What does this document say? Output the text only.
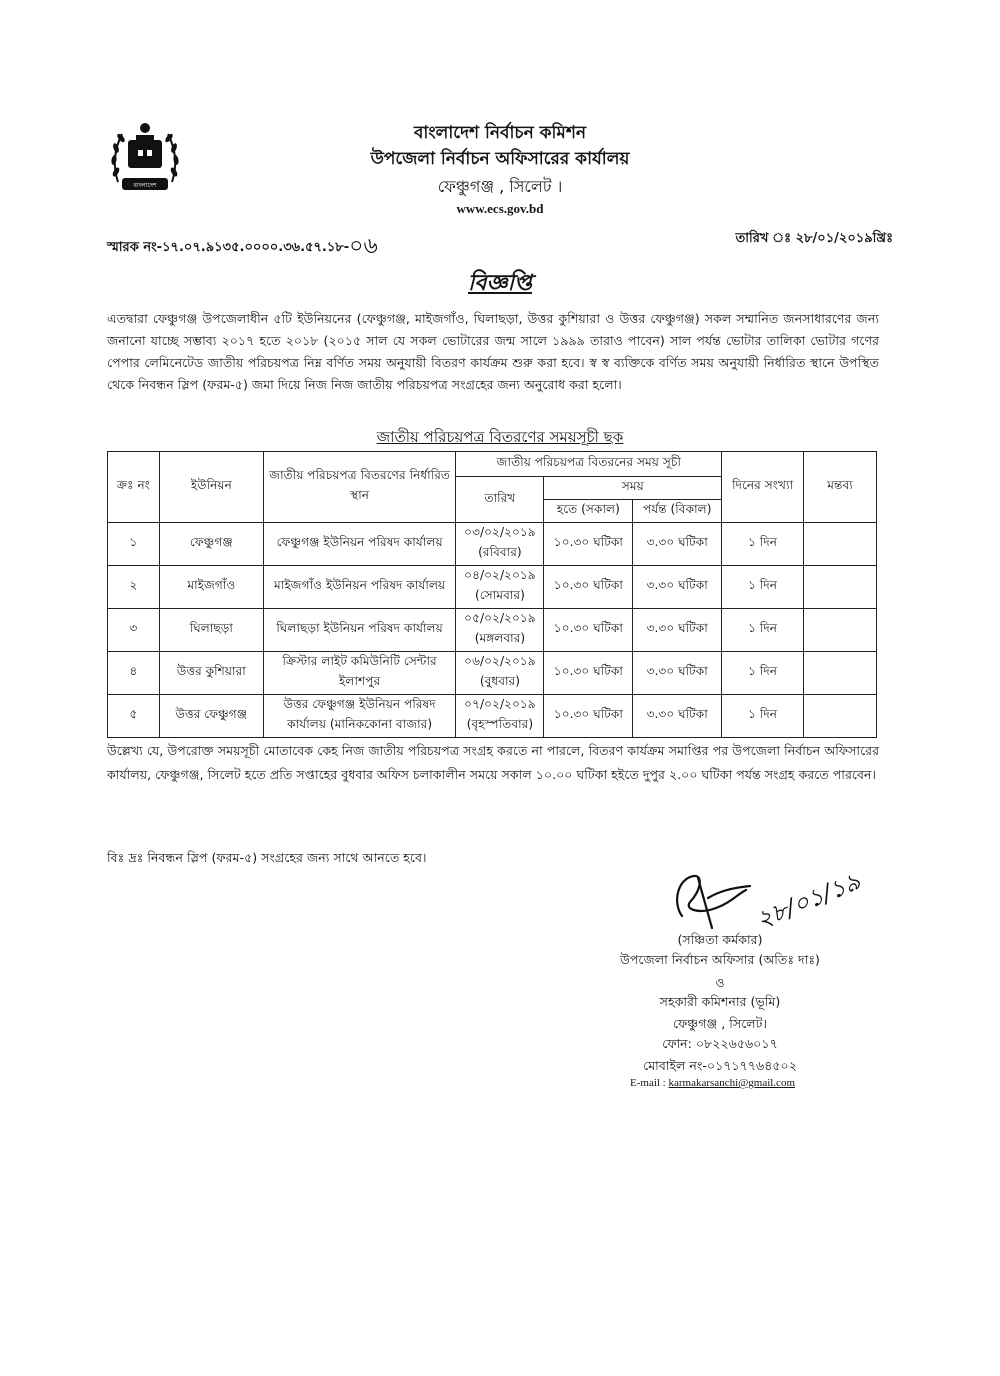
বাংলাদেশ
বাংলাদেশ নির্বাচন কমিশন
উপজেলা নির্বাচন অফিসারের কার্যালয়
ফেঞ্চুগঞ্জ , সিলেট ।
www.ecs.gov.bd
স্মারক নং-১৭.০৭.৯১৩৫.০০০০.৩৬.৫৭.১৮-০৬	তারিখ ঃ ২৮/০১/২০১৯খ্রিঃ
বিজ্ঞপ্তি
এতদ্বারা ফেঞ্চুগঞ্জ উপজেলাধীন ৫টি ইউনিয়নের (ফেঞ্চুগঞ্জ, মাইজগাঁও, ঘিলাছড়া, উত্তর কুশিয়ারা ও উত্তর ফেঞ্চুগঞ্জ) সকল সম্মানিত জনসাধারণের জন্য জনানো যাচ্ছে সম্ভাব্য ২০১৭ হতে ২০১৮ (২০১৫ সাল যে সকল ভোটারের জন্ম সালে ১৯৯৯ তারাও পাবেন) সাল পর্যন্ত ভোটার তালিকা ভোটার গণের পেপার লেমিনেটেড জাতীয় পরিচয়পত্র নিম্ন বর্ণিত সময় অনুযায়ী বিতরণ কার্যক্রম শুরু করা হবে। স্ব স্ব ব্যক্তিকে বর্ণিত সময় অনুযায়ী নির্ধারিত স্থানে উপস্থিত থেকে নিবন্ধন স্লিপ (ফরম-৫) জমা দিয়ে নিজ নিজ জাতীয় পরিচয়পত্র সংগ্রহের জন্য অনুরোধ করা হলো।
জাতীয় পরিচয়পত্র বিতরণের সময়সূচী ছক
ক্রঃ নং	ইউনিয়ন	জাতীয় পরিচয়পত্র বিতরণের নির্ধারিত স্থান	জাতীয় পরিচয়পত্র বিতরনের সময় সূচী			দিনের সংখ্যা	মন্তব্য
			তারিখ	সময়			
				হতে (সকাল)	পর্যন্ত (বিকাল)		
১	ফেঞ্চুগঞ্জ	ফেঞ্চুগঞ্জ ইউনিয়ন পরিষদ কার্যালয়	০৩/০২/২০১৯
(রবিবার)	১০.৩০ ঘটিকা	৩.৩০ ঘটিকা	১ দিন	
২	মাইজগাঁও	মাইজগাঁও ইউনিয়ন পরিষদ কার্যালয়	০৪/০২/২০১৯
(সোমবার)	১০.৩০ ঘটিকা	৩.৩০ ঘটিকা	১ দিন	
৩	ঘিলাছড়া	ঘিলাছড়া ইউনিয়ন পরিষদ কার্যালয়	০৫/০২/২০১৯
(মঙ্গলবার)	১০.৩০ ঘটিকা	৩.৩০ ঘটিকা	১ দিন	
৪	উত্তর কুশিয়ারা	ক্রিস্টার লাইট কমিউনিটি সেন্টার ইলাশপুর	০৬/০২/২০১৯
(বুধবার)	১০.৩০ ঘটিকা	৩.৩০ ঘটিকা	১ দিন	
৫	উত্তর ফেঞ্চুগঞ্জ	উত্তর ফেঞ্চুগঞ্জ ইউনিয়ন পরিষদ কার্যালয় (মানিককোনা বাজার)	০৭/০২/২০১৯
(বৃহস্পতিবার)	১০.৩০ ঘটিকা	৩.৩০ ঘটিকা	১ দিন	
উল্লেখ্য যে, উপরোক্ত সময়সূচী মোতাবেক কেহ নিজ জাতীয় পরিচয়পত্র সংগ্রহ করতে না পারলে, বিতরণ কার্যক্রম সমাপ্তির পর উপজেলা নির্বাচন অফিসারের কার্যালয়, ফেঞ্চুগঞ্জ, সিলেট হতে প্রতি সপ্তাহের বুধবার অফিস চলাকালীন সময়ে সকাল ১০.০০ ঘটিকা হইতে দুপুর ২.০০ ঘটিকা পর্যন্ত সংগ্রহ করতে পারবেন।
বিঃ দ্রঃ নিবন্ধন স্লিপ (ফরম-৫) সংগ্রহের জন্য সাথে আনতে হবে।
২৮/০১/১৯
(সঞ্চিতা কর্মকার)
উপজেলা নির্বাচন অফিসার (অতিঃ দাঃ)
ও
সহকারী কমিশনার (ভূমি)
ফেঞ্চুগঞ্জ , সিলেট।
ফোন: ০৮২২৬৫৬০১৭
মোবাইল নং-০১৭১৭৭৬৪৫০২
E-mail : karmakarsanchi@gmail.com
